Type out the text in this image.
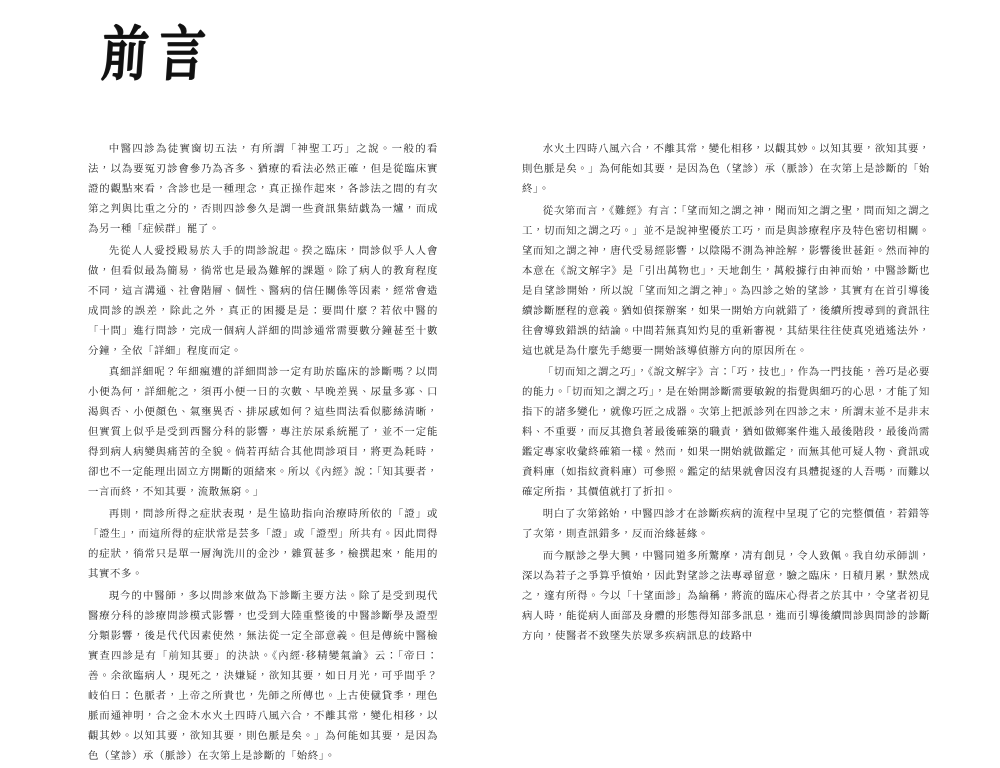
前言

中醫四診為徒實窗切五法，有所謂「神聖工巧」之說。一般的看法，以為要冤刃診會參乃為吝多、猶療的看法必然正確，但是從臨床實證的觀點來看，含診也是一種理念，真正操作起來，各診法之間的有次第之判與比重之分的，否則四診參久是謂一些資訊集結戯為一爐，而成為另一種「症候群」罷了。

先從人人愛授殿易於入手的問診說起。揆之臨床，問診似乎人人會做，但看似最為簡易，徜常也是最為難解的課題。除了病人的教育程度不同，這言溝通、社會階層、個性、醫病的信任關係等因素，經常會造成問診的誤差，除此之外，真正的困擾是是：要問什麼？若依中醫的「十問」進行問診，完成一個病人詳細的問診通常需要數分鐘甚至十數分鐘，全依「詳細」程度而定。

真細詳細呢？年細瘋遭的詳細問診一定有助於臨床的診斷嗎？以問小便為何，詳細舵之，須再小便一日的次數、早晚差異、尿量多寡、口渴與否、小便顏色、氣壅異否、排尿感如何？這些問法看似膨絲清晰，但實質上似乎是受到西醫分科的影響，專注於尿系統罷了，並不一定能得到病人病變與痛苦的全貌。倘若再結合其他問診項目，將更為耗時，卻也不一定能理出固立方開斷的頭緒來。所以《內經》說：「知其要者，一言而終，不知其要，流散無窮。」

再則，問診所得之症狀表現，是生協助指向治療時所依的「證」或「證生」，而這所得的症狀常是芸多「證」或「證型」所共有。因此問得的症狀，徜常只是單一層洶洗川的金沙，雜質甚多，檢撰起來，能用的其實不多。

現今的中醫師，多以問診來做為下診斷主要方法。除了是受到現代醫療分科的診療問診模式影響，也受到大陸重整後的中醫診斷學及證型分類影響，後是代代因素使然，無法從一定全部意義。但是傳統中醫檢實查四診是有「前知其要」的決訣。《內經·移精變氣論》云：「帝曰：善。余欲臨病人，現死之，決嫌疑，欲知其要，如日月光，可乎間乎？岐伯曰：色脈者，上帝之所貴也，先師之所傳也。上古使僦貸季，理色脈而通神明，合之金木水火土四時八風六合，不離其常，變化相移，以觀其妙。以知其要，欲知其要，則色脈是矣。」為何能如其要，是因為色（望診）承（脈診）在次第上是診斷的「始終」。

水火土四時八風六合，不離其常，變化相移，以觀其妙。以知其要，欲知其要，則色脈是矣。」為何能如其要，是因為色（望診）承（脈診）在次第上是診斷的「始終」。

從次第而言，《難經》有言：「望而知之謂之神，聞而知之謂之聖，問而知之謂之工，切而知之謂之巧。」並不是說神聖優於工巧，而是與診療程序及特色密切相關。望而知之謂之神，唐代受易經影響，以陰陽不測為神詮解，影響後世甚鉅。然而神的本意在《說文解字》是「引出萬物也」，天地創生，萬般據行由神而始，中醫診斷也是自望診開始，所以說「望而知之謂之神」。為四診之始的望診，其實有在首引導後續診斷歷程的意義。猶如偵探辦案，如果一開始方向就錯了，後續所搜尋到的資訊往往會導致錯誤的結論。中間若無真知灼見的重新審視，其結果往往使真兇逍遙法外，這也就是為什麼先手總要一開始該導偵辦方向的原因所在。

「切而知之謂之巧」，《說文解字》言：「巧，技也」，作為一門技能，善巧是必要的能力。「切而知之謂之巧」，是在始開診斷需要敏銳的指覺與細巧的心思，才能了知指下的諸多變化，就像巧匠之成器。次第上把派診列在四診之末，所謂末並不是非末料、不重要，而反其擔負著最後確築的職責，猶如做鄉案件進入最後階段，最後尚需鑑定專家收彙終確箱一樣。然而，如果一開始就做鑑定，而無其他可疑人物、資訊或資料庫（如指紋資料庫）可參照。鑑定的結果就會因沒有具體捉逐的人吾嗎，而難以確定所指，其價值就打了折扣。

明白了次第銘始，中醫四診才在診斷疾病的流程中呈現了它的完整價值，若錯等了次第，則查訊錯多，反而治緣甚緣。

而今厭診之學大興，中醫同道多所驚摩，凊有創見，令人致佩。我自幼承師訓，深以為若子之爭算乎憤始，因此對望診之法專尋留意，驗之臨床，日積月累，默然成之，邃有所得。今以「十望面診」為綸稱，將流的臨床心得者之於其中，令望者初見病人時，能從病人面部及身體的形態得知部多訊息，進而引導後續問診與問診的診斷方向，使醫者不致墜失於眾多疾病訊息的歧路中
